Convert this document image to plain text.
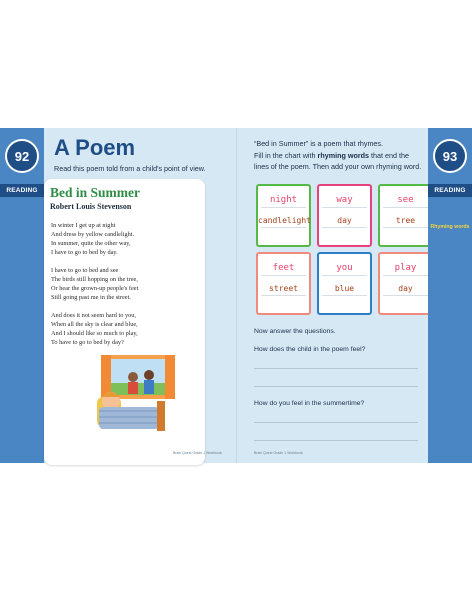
92
READING
A Poem
Read this poem told from a child's point of view.
Bed in Summer
Robert Louis Stevenson
In winter I get up at night
And dress by yellow candlelight.
In summer, quite the other way,
I have to go to bed by day.
I have to go to bed and see
The birds still hopping on the tree,
Or hear the grown-up people's feet
Still going past me in the street.
And does it not seem hard to you,
When all the sky is clear and blue,
And I should like so much to play,
To have to go to bed by day?
Brain Quest Grade 1 Workbook
“Bed in Summer” is a poem that rhymes.
Fill in the chart with rhyming words that end the lines of the poem. Then add your own rhyming word.
night
candlelight
way
day
see
tree
feet
street
you
blue
play
day
Now answer the questions.
How does the child in the poem feel?
How do you feel in the summertime?
Brain Quest Grade 1 Workbook
93
READING
Rhyming words
